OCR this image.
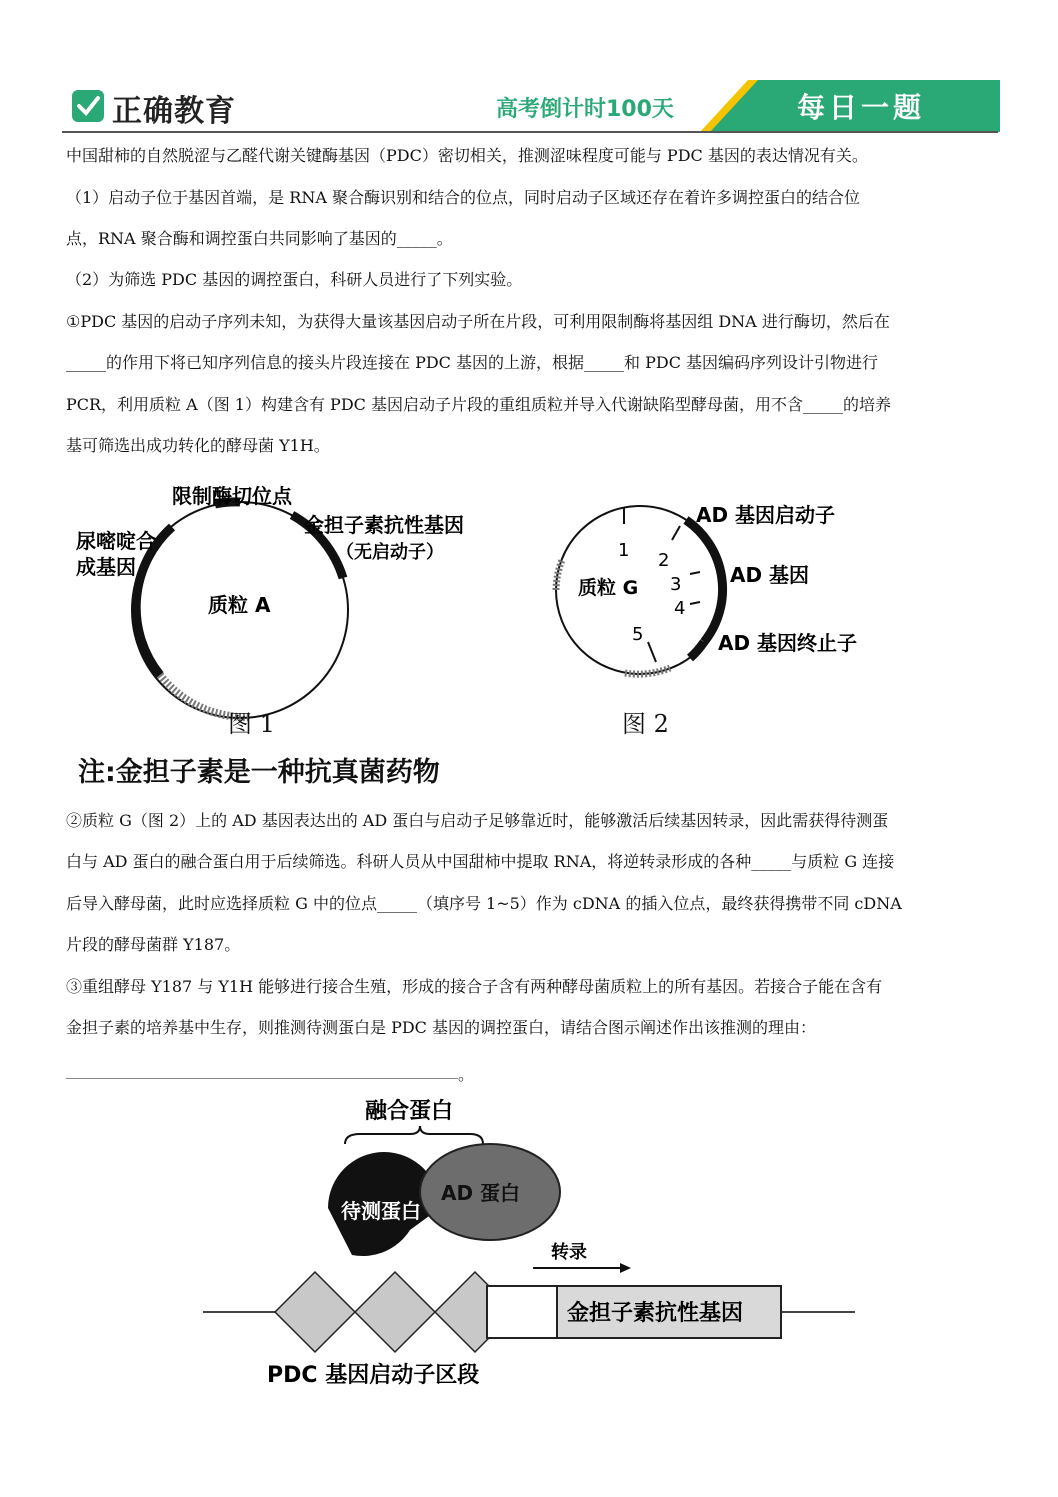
正确教育	高考倒计时100天	每日一题
中国甜柿的自然脱涩与乙醛代谢关键酶基因（PDC）密切相关，推测涩味程度可能与 PDC 基因的表达情况有关。
（1）启动子位于基因首端，是 RNA 聚合酶识别和结合的位点，同时启动子区域还存在着许多调控蛋白的结合位
点，RNA 聚合酶和调控蛋白共同影响了基因的_____。
（2）为筛选 PDC 基因的调控蛋白，科研人员进行了下列实验。
①PDC 基因的启动子序列未知，为获得大量该基因启动子所在片段，可利用限制酶将基因组 DNA 进行酶切，然后在
_____的作用下将已知序列信息的接头片段连接在 PDC 基因的上游，根据_____和 PDC 基因编码序列设计引物进行
PCR，利用质粒 A（图 1）构建含有 PDC 基因启动子片段的重组质粒并导入代谢缺陷型酵母菌，用不含_____的培养
基可筛选出成功转化的酵母菌 Y1H。
限制酶切位点
尿嘧啶合
成基因
金担子素抗性基因
（无启动子）
质粒 A
图 1
1 2
3
4
5
质粒 G
AD 基因启动子
AD 基因
AD 基因终止子
图 2
注:金担子素是一种抗真菌药物
②质粒 G（图 2）上的 AD 基因表达出的 AD 蛋白与启动子足够靠近时，能够激活后续基因转录，因此需获得待测蛋
白与 AD 蛋白的融合蛋白用于后续筛选。科研人员从中国甜柿中提取 RNA，将逆转录形成的各种_____与质粒 G 连接
后导入酵母菌，此时应选择质粒 G 中的位点_____（填序号 1~5）作为 cDNA 的插入位点，最终获得携带不同 cDNA
片段的酵母菌群 Y187。
③重组酵母 Y187 与 Y1H 能够进行接合生殖，形成的接合子含有两种酵母菌质粒上的所有基因。若接合子能在含有
金担子素的培养基中生存，则推测待测蛋白是 PDC 基因的调控蛋白，请结合图示阐述作出该推测的理由：
。
融合蛋白
待测蛋白
AD 蛋白
转录
金担子素抗性基因
PDC 基因启动子区段
